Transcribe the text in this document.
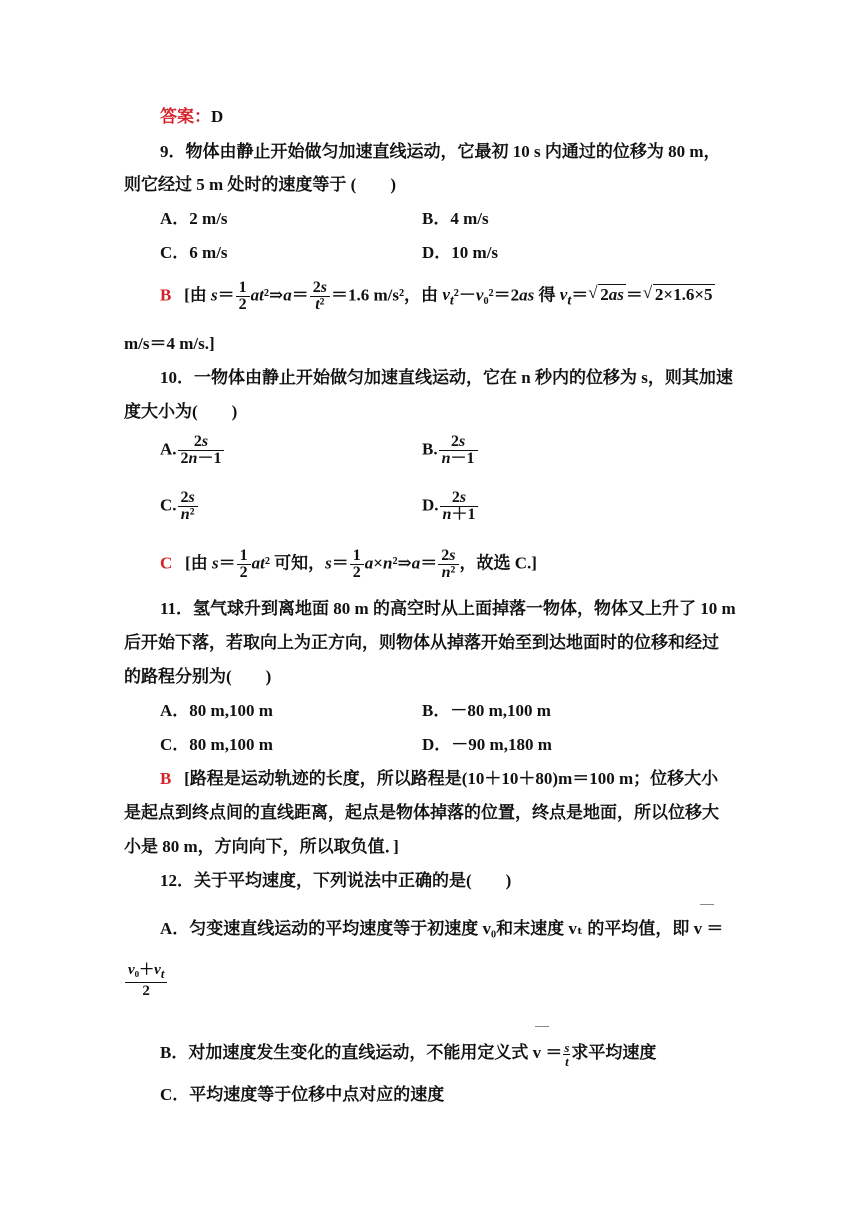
答案：D
9．物体由静止开始做匀加速直线运动，它最初 10 s 内通过的位移为 80 m，
则它经过 5 m 处时的速度等于 (　　)
A．2 m/s	B．4 m/s
C．6 m/s	D．10 m/s
B   [由 $s= \frac{1}{2}$ at²⇒a＝ $\frac{2s}{\text{t²}} =1.6$ m/s²，由 $v_t^2-v_0^2=2as$ 得 $v_t=√$ 2as ＝√ 2×1.6×5
m/s＝4 m/s.]
10．一物体由静止开始做匀加速直线运动，它在 n 秒内的位移为 s，则其加速
度大小为(　　)
A. $\frac{2s}{2n-1}$	B. $\frac{2s}{n-1}$
C. $\frac{2s}{\text{n²}}$	D. $\frac{2s}{n+1}$
C   [由 $s= \frac{1}{2} at^2$ 可知，$s= \frac{1}{2}$ a×n²⇒a＝ $\frac{2s}{\text{n²}}$ ，故选 C.]
11．氢气球升到离地面 80 m 的高空时从上面掉落一物体，物体又上升了 10 m
后开始下落，若取向上为正方向，则物体从掉落开始至到达地面时的位移和经过
的路程分别为(　　)
A．80 m,100 m	B．－80 m,100 m
C．80 m,100 m	D．－90 m,180 m
B [路程是运动轨迹的长度，所以路程是(10＋10＋80)m＝100 m；位移大小
是起点到终点间的直线距离，起点是物体掉落的位置，终点是地面，所以位移大
小是 80 m，方向向下，所以取负值．]
12．关于平均速度，下列说法中正确的是(　　)
A．匀变速直线运动的平均速度等于初速度 v₀和末速度 vₜ 的平均值，即 v ＝
$\frac{v_0+v_t}{2}$
B．对加速度发生变化的直线运动，不能用定义式 $v = \frac{s}{t}$ 求平均速度
C．平均速度等于位移中点对应的速度
